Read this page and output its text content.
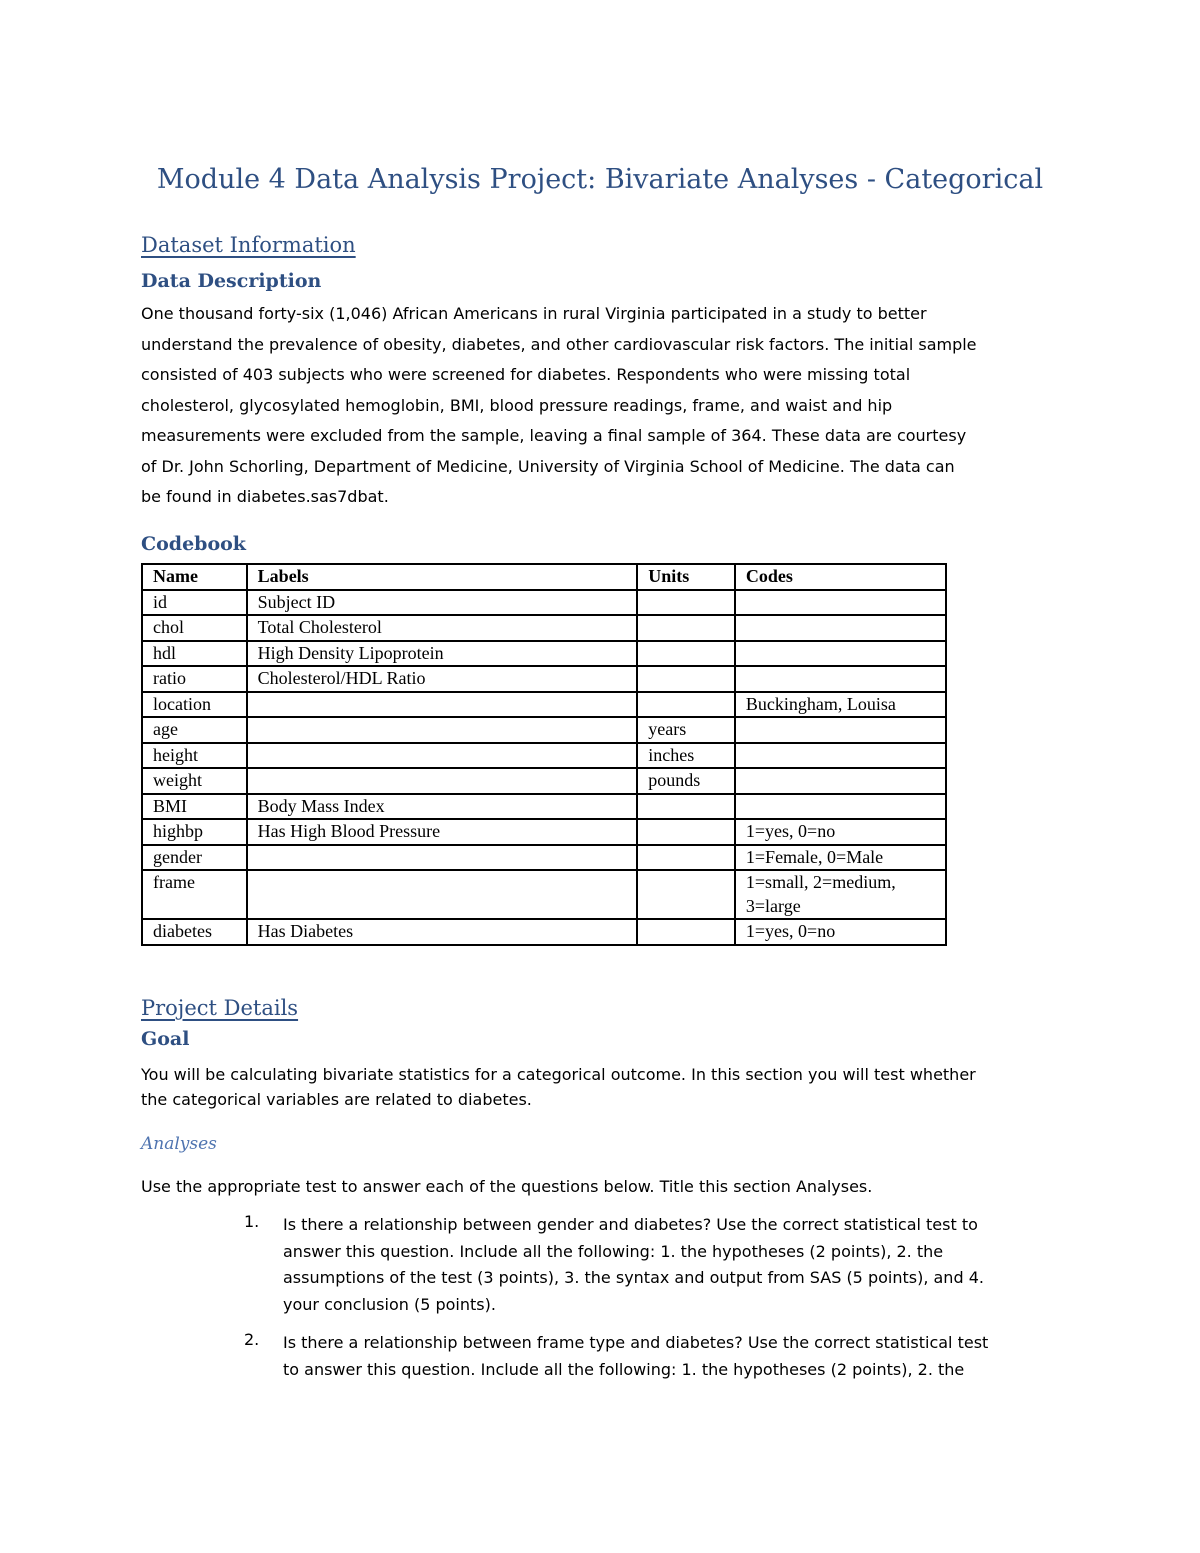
Module 4 Data Analysis Project: Bivariate Analyses - Categorical
Dataset Information
Data Description

One thousand forty-six (1,046) African Americans in rural Virginia participated in a study to better

understand the prevalence of obesity, diabetes, and other cardiovascular risk factors. The initial sample

consisted of 403 subjects who were screened for diabetes. Respondents who were missing total

cholesterol, glycosylated hemoglobin, BMI, blood pressure readings, frame, and waist and hip

measurements were excluded from the sample, leaving a final sample of 364. These data are courtesy

of Dr. John Schorling, Department of Medicine, University of Virginia School of Medicine. The data can

be found in diabetes.sas7dbat.

Codebook
Name	Labels	Units	Codes
id	Subject ID		
chol	Total Cholesterol		
hdl	High Density Lipoprotein		
ratio	Cholesterol/HDL Ratio		
location			Buckingham, Louisa
age		years	
height		inches	
weight		pounds	
BMI	Body Mass Index		
highbp	Has High Blood Pressure		1=yes, 0=no
gender			1=Female, 0=Male
frame			1=small, 2=medium, 3=large
diabetes	Has Diabetes		1=yes, 0=no
Project Details
Goal

You will be calculating bivariate statistics for a categorical outcome. In this section you will test whether

the categorical variables are related to diabetes.

Analyses
Use the appropriate test to answer each of the questions below. Title this section Analyses.
1. Is there a relationship between gender and diabetes? Use the correct statistical test to

answer this question. Include all the following: 1. the hypotheses (2 points), 2. the

assumptions of the test (3 points), 3. the syntax and output from SAS (5 points), and 4.

your conclusion (5 points).

2. Is there a relationship between frame type and diabetes? Use the correct statistical test

to answer this question. Include all the following: 1. the hypotheses (2 points), 2. the
